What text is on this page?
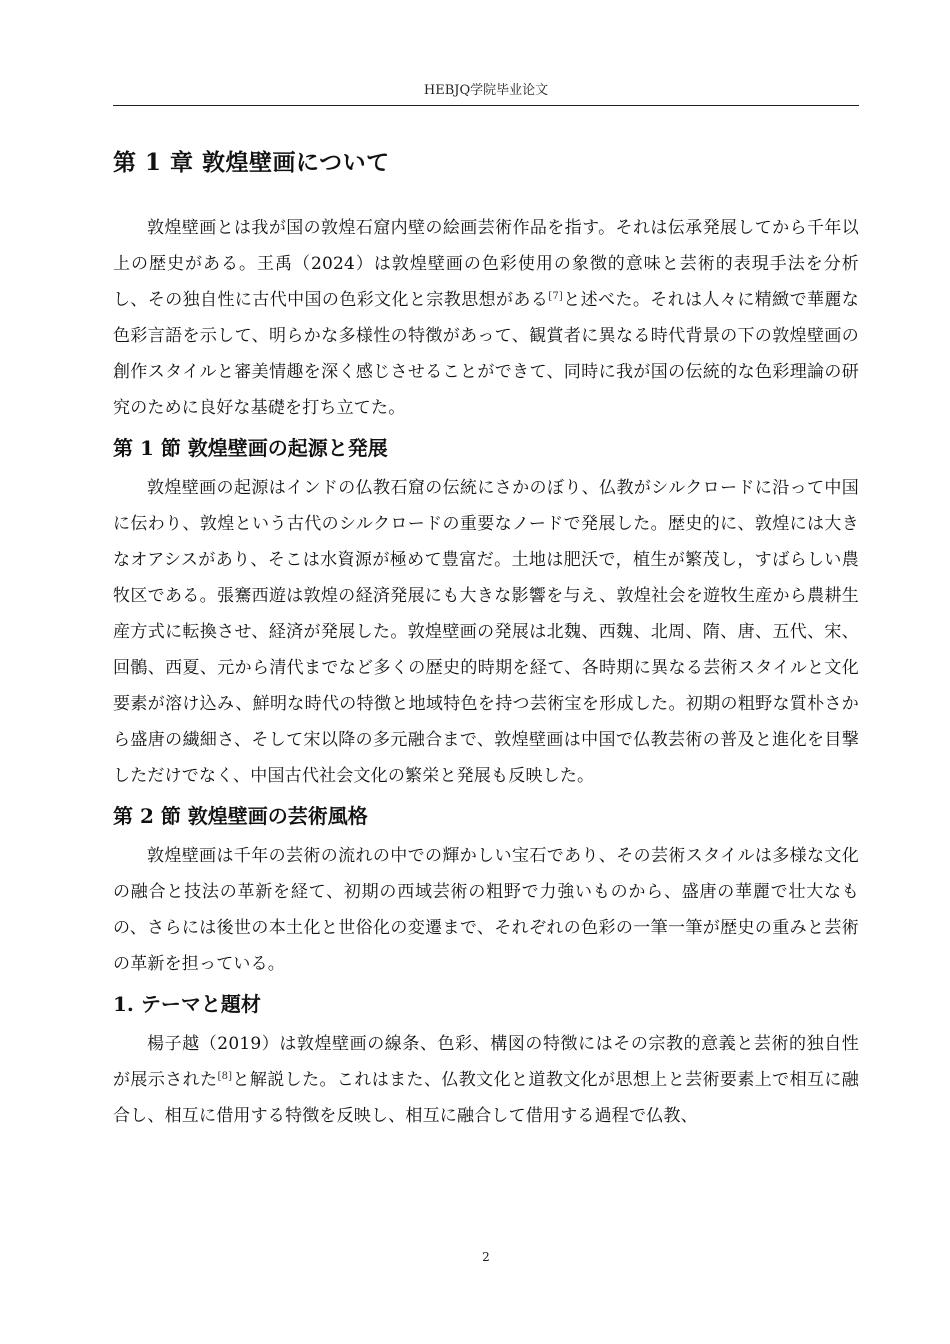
HEBJQ学院毕业论文
第 1 章 敦煌壁画について

敦煌壁画とは我が国の敦煌石窟内壁の絵画芸術作品を指す。それは伝承発展してから千年以上の歴史がある。王禹（2024）は敦煌壁画の色彩使用の象徴的意味と芸術的表現手法を分析し、その独自性に古代中国の色彩文化と宗教思想がある[7]と述べた。それは人々に精緻で華麗な色彩言語を示して、明らかな多様性の特徴があって、観賞者に異なる時代背景の下の敦煌壁画の創作スタイルと審美情趣を深く感じさせることができて、同時に我が国の伝統的な色彩理論の研究のために良好な基礎を打ち立てた。

第 1 節 敦煌壁画の起源と発展

敦煌壁画の起源はインドの仏教石窟の伝統にさかのぼり、仏教がシルクロードに沿って中国に伝わり、敦煌という古代のシルクロードの重要なノードで発展した。歴史的に、敦煌には大きなオアシスがあり、そこは水資源が極めて豊富だ。土地は肥沃で，植生が繁茂し，すばらしい農牧区である。張騫西遊は敦煌の経済発展にも大きな影響を与え、敦煌社会を遊牧生産から農耕生産方式に転換させ、経済が発展した。敦煌壁画の発展は北魏、西魏、北周、隋、唐、五代、宋、回鶻、西夏、元から清代までなど多くの歴史的時期を経て、各時期に異なる芸術スタイルと文化要素が溶け込み、鮮明な時代の特徴と地域特色を持つ芸術宝を形成した。初期の粗野な質朴さから盛唐の繊細さ、そして宋以降の多元融合まで、敦煌壁画は中国で仏教芸術の普及と進化を目撃しただけでなく、中国古代社会文化の繁栄と発展も反映した。

第 2 節 敦煌壁画の芸術風格

敦煌壁画は千年の芸術の流れの中での輝かしい宝石であり、その芸術スタイルは多様な文化の融合と技法の革新を経て、初期の西域芸術の粗野で力強いものから、盛唐の華麗で壮大なもの、さらには後世の本土化と世俗化の変遷まで、それぞれの色彩の一筆一筆が歴史の重みと芸術の革新を担っている。

1. テーマと題材

楊子越（2019）は敦煌壁画の線条、色彩、構図の特徴にはその宗教的意義と芸術的独自性が展示された[8]と解説した。これはまた、仏教文化と道教文化が思想上と芸術要素上で相互に融合し、相互に借用する特徴を反映し、相互に融合して借用する過程で仏教、

2
